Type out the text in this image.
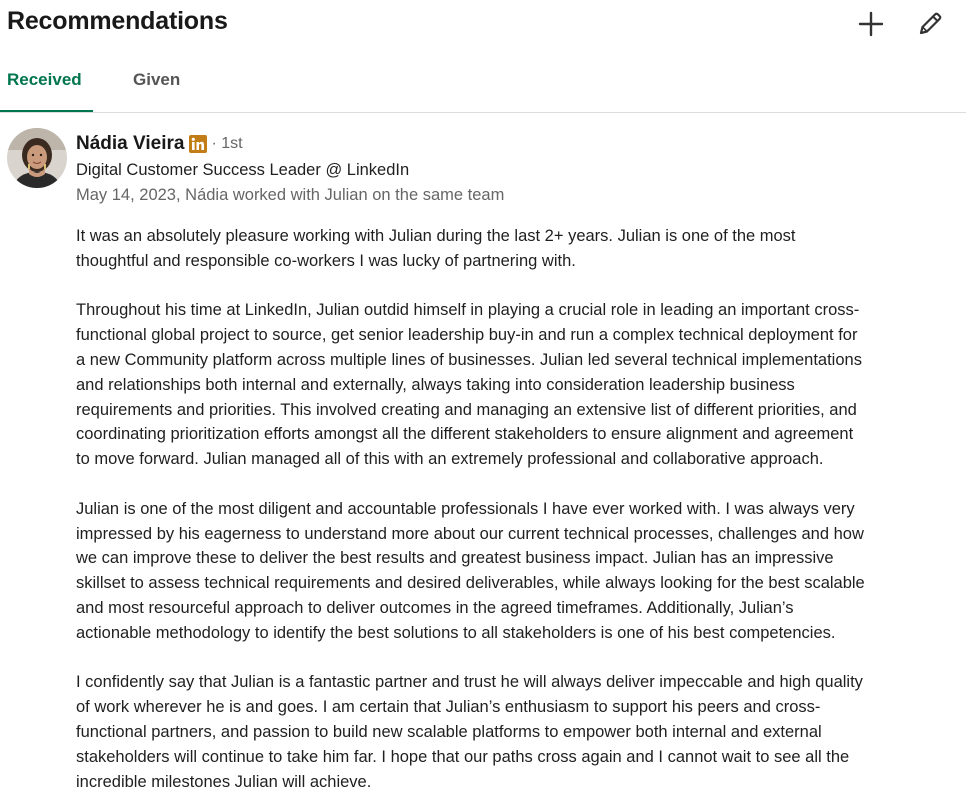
Recommendations
Received	Given
Nádia Vieira · 1st
Digital Customer Success Leader @ LinkedIn
May 14, 2023, Nádia worked with Julian on the same team

It was an absolutely pleasure working with Julian during the last 2+ years. Julian is one of the most
thoughtful and responsible co-workers I was lucky of partnering with.

Throughout his time at LinkedIn, Julian outdid himself in playing a crucial role in leading an important cross-
functional global project to source, get senior leadership buy-in and run a complex technical deployment for
a new Community platform across multiple lines of businesses. Julian led several technical implementations
and relationships both internal and externally, always taking into consideration leadership business
requirements and priorities. This involved creating and managing an extensive list of different priorities, and
coordinating prioritization efforts amongst all the different stakeholders to ensure alignment and agreement
to move forward. Julian managed all of this with an extremely professional and collaborative approach.

Julian is one of the most diligent and accountable professionals I have ever worked with. I was always very
impressed by his eagerness to understand more about our current technical processes, challenges and how
we can improve these to deliver the best results and greatest business impact. Julian has an impressive
skillset to assess technical requirements and desired deliverables, while always looking for the best scalable
and most resourceful approach to deliver outcomes in the agreed timeframes. Additionally, Julian’s
actionable methodology to identify the best solutions to all stakeholders is one of his best competencies.

I confidently say that Julian is a fantastic partner and trust he will always deliver impeccable and high quality
of work wherever he is and goes. I am certain that Julian’s enthusiasm to support his peers and cross-
functional partners, and passion to build new scalable platforms to empower both internal and external
stakeholders will continue to take him far. I hope that our paths cross again and I cannot wait to see all the
incredible milestones Julian will achieve.
